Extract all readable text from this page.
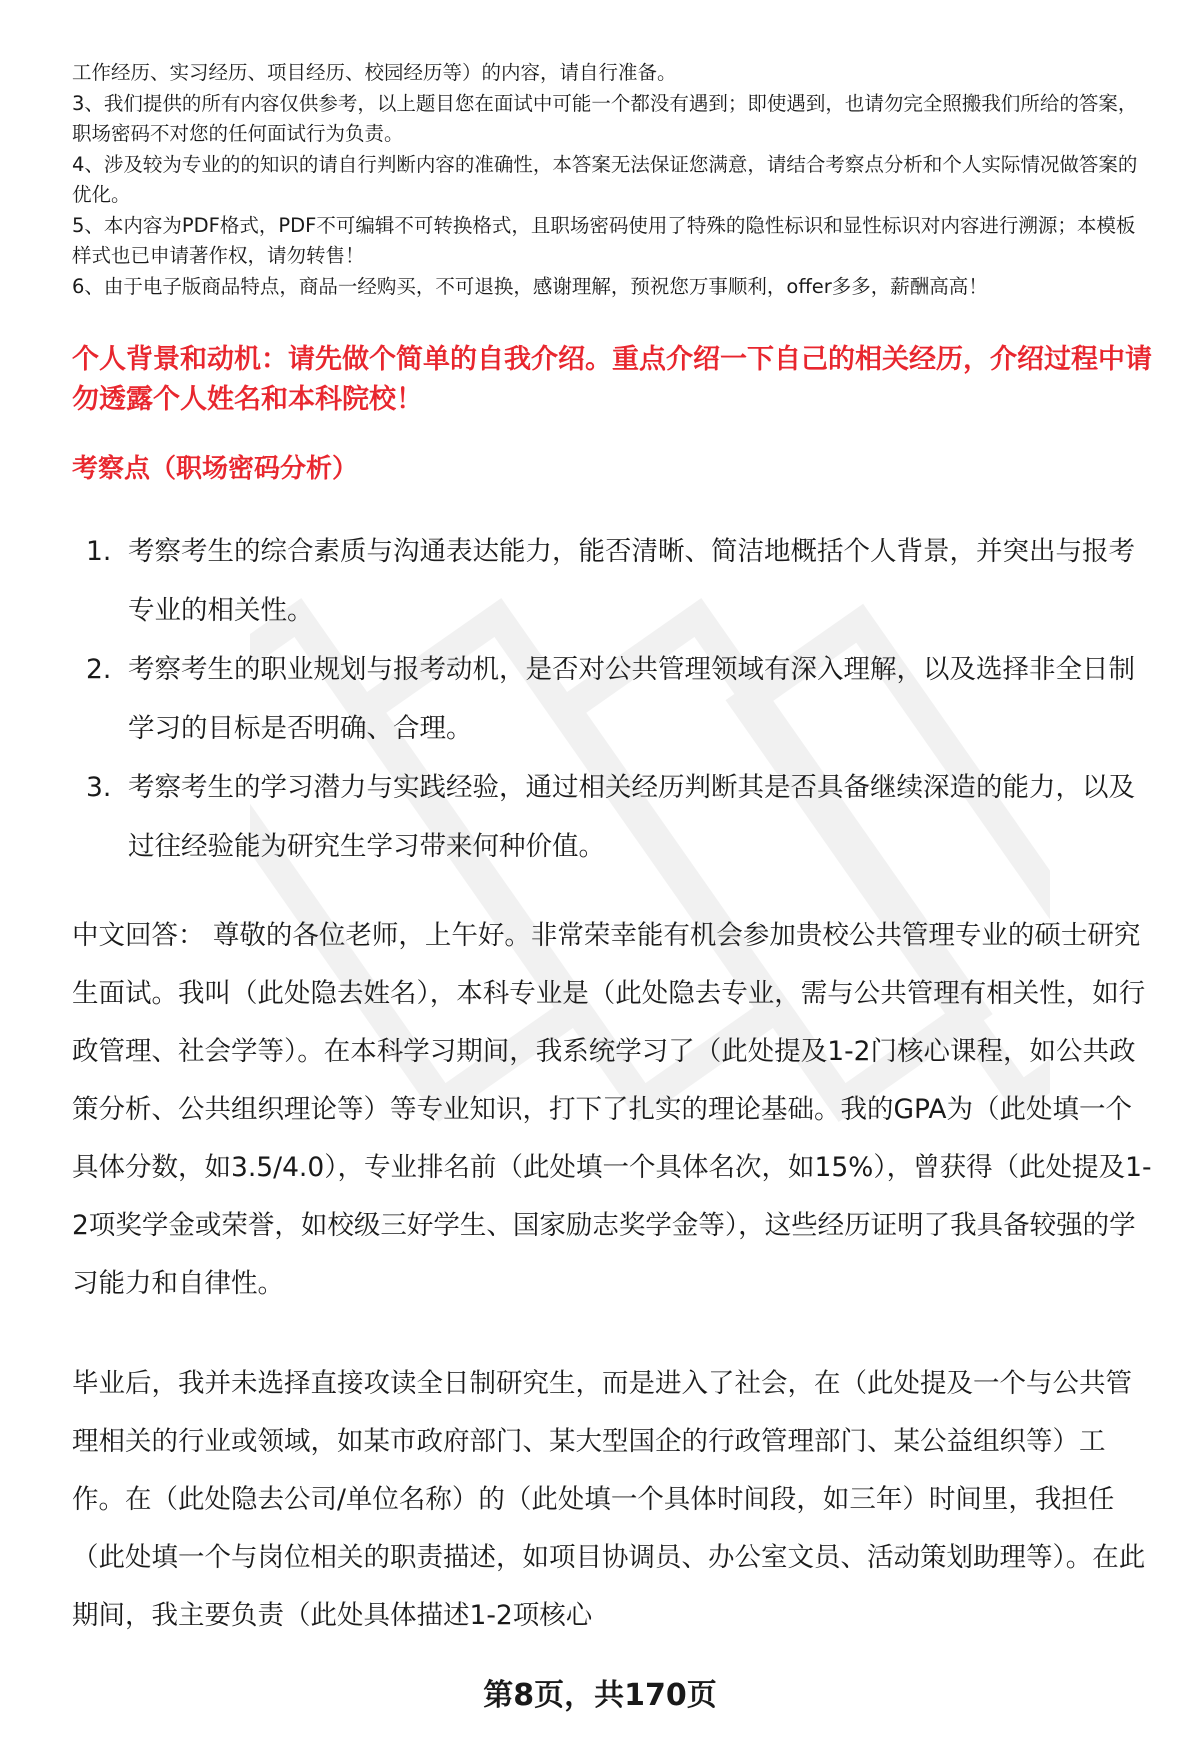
工作经历、实习经历、项目经历、校园经历等）的内容，请自行准备。

3、我们提供的所有内容仅供参考，以上题目您在面试中可能一个都没有遇到；即使遇到，也请勿完全照搬我们所给的答案，职场密码不对您的任何面试行为负责。

4、涉及较为专业的的知识的请自行判断内容的准确性，本答案无法保证您满意，请结合考察点分析和个人实际情况做答案的优化。

5、本内容为PDF格式，PDF不可编辑不可转换格式，且职场密码使用了特殊的隐性标识和显性标识对内容进行溯源；本模板样式也已申请著作权，请勿转售！

6、由于电子版商品特点，商品一经购买，不可退换，感谢理解，预祝您万事顺利，offer多多，薪酬高高！

个人背景和动机：请先做个简单的自我介绍。重点介绍一下自己的相关经历，介绍过程中请勿透露个人姓名和本科院校！

考察点（职场密码分析）

1. 考察考生的综合素质与沟通表达能力，能否清晰、简洁地概括个人背景，并突出与报考专业的相关性。
2. 考察考生的职业规划与报考动机，是否对公共管理领域有深入理解，以及选择非全日制学习的目标是否明确、合理。
3. 考察考生的学习潜力与实践经验，通过相关经历判断其是否具备继续深造的能力，以及过往经验能为研究生学习带来何种价值。

中文回答： 尊敬的各位老师，上午好。非常荣幸能有机会参加贵校公共管理专业的硕士研究生面试。我叫（此处隐去姓名），本科专业是（此处隐去专业，需与公共管理有相关性，如行政管理、社会学等）。在本科学习期间，我系统学习了（此处提及1-2门核心课程，如公共政策分析、公共组织理论等）等专业知识，打下了扎实的理论基础。我的GPA为（此处填一个具体分数，如3.5/4.0），专业排名前（此处填一个具体名次，如15%），曾获得（此处提及1-2项奖学金或荣誉，如校级三好学生、国家励志奖学金等），这些经历证明了我具备较强的学习能力和自律性。

毕业后，我并未选择直接攻读全日制研究生，而是进入了社会，在（此处提及一个与公共管理相关的行业或领域，如某市政府部门、某大型国企的行政管理部门、某公益组织等）工作。在（此处隐去公司/单位名称）的（此处填一个具体时间段，如三年）时间里，我担任（此处填一个与岗位相关的职责描述，如项目协调员、办公室文员、活动策划助理等）。在此期间，我主要负责（此处具体描述1-2项核心

第8页，共170页
